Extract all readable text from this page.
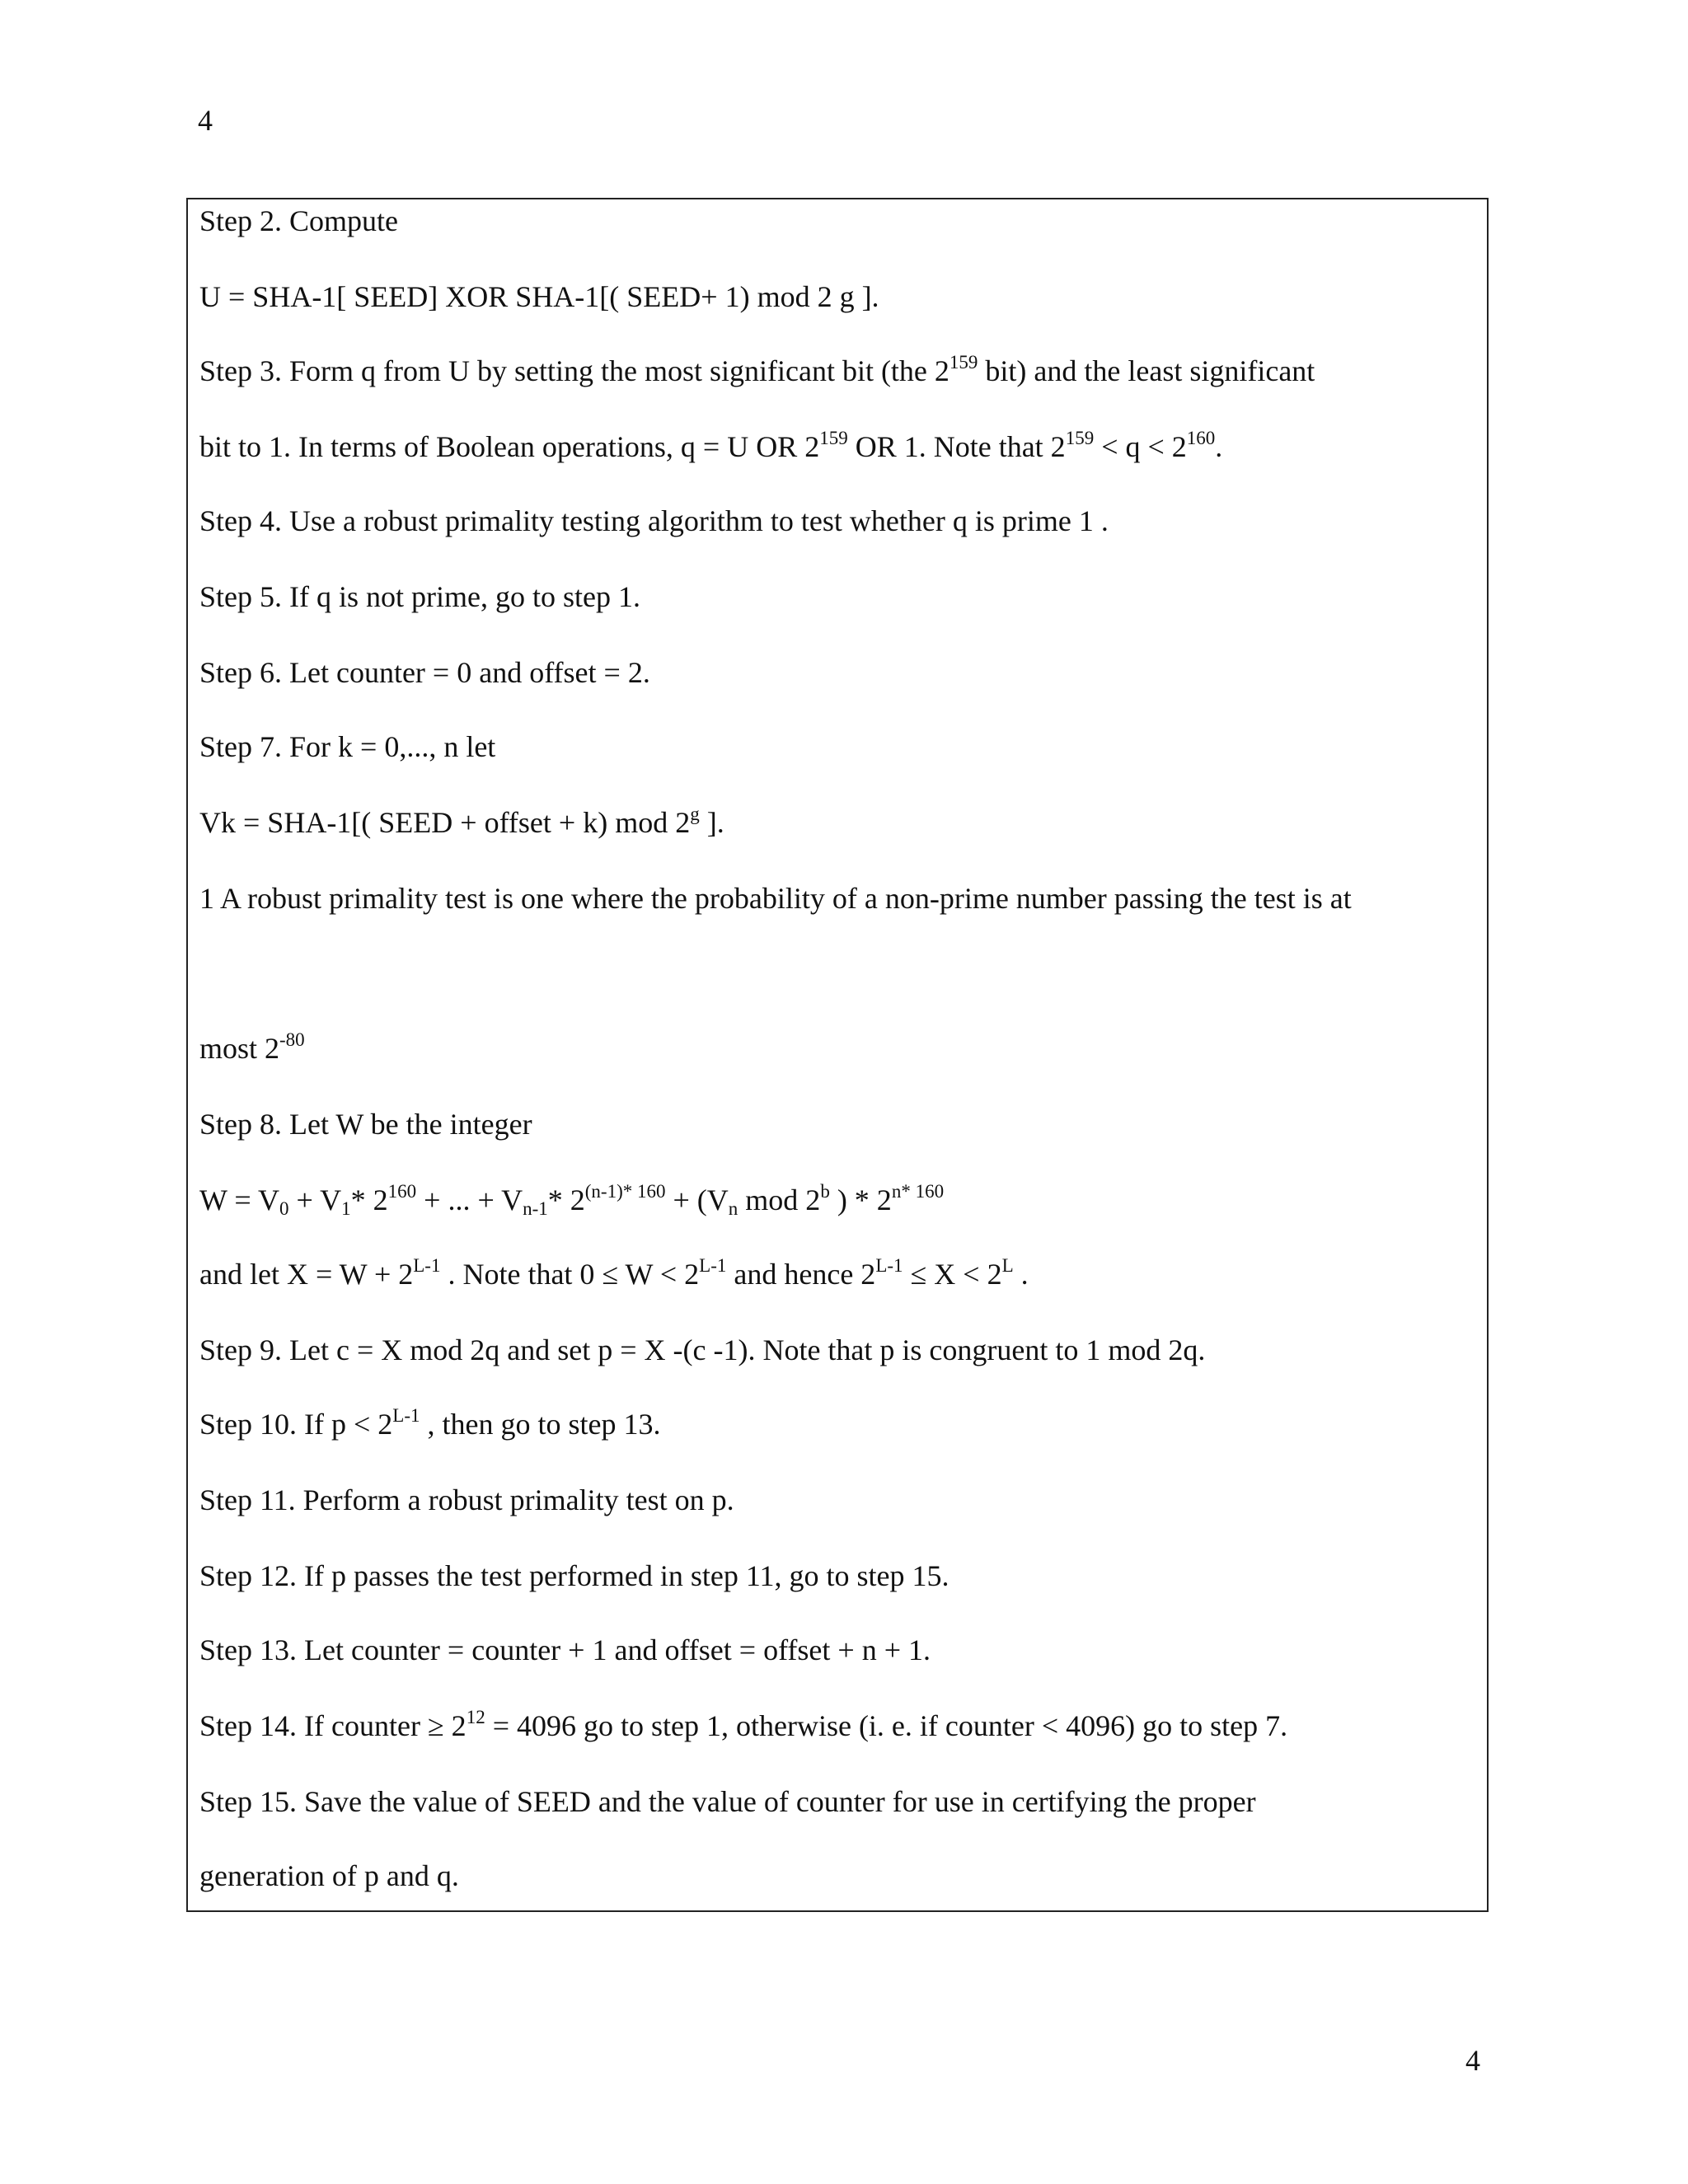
4
Step 2. Compute
U = SHA-1[ SEED] XOR SHA-1[( SEED+ 1) mod 2 g ].
Step 3. Form q from U by setting the most significant bit (the $2^{159}$ bit) and the least significant
bit to 1. In terms of Boolean operations, q = U OR $2^{159}$ OR 1. Note that $2^{159} < q < 2^{160}$.
Step 4. Use a robust primality testing algorithm to test whether q is prime 1 .
Step 5. If q is not prime, go to step 1.
Step 6. Let counter = 0 and offset = 2.
Step 7. For k = 0,..., n let
Vk = SHA-1[( SEED + offset + k) mod 2$^g$ ].
1 A robust primality test is one where the probability of a non-prime number passing the test is at
most $2^{-80}$
Step 8. Let W be the integer
$W = V_0 + V_1*$ $2^{160}$ + ... + $V_{n-1}*$ $2^{(n-1)* 160} + (V_n$ mod 2$^b$ ) * $2^{n* 160}$
and let $X = W + 2^{L-1}$ . Note that $0 \le W < 2^{L-1}$ and hence $2^{L-1} \le X < 2^L$ .
Step 9. Let c = X mod 2q and set p = X -(c -1). Note that p is congruent to 1 mod 2q.
Step 10. If $p < 2^{L-1}$ , then go to step 13.
Step 11. Perform a robust primality test on p.
Step 12. If p passes the test performed in step 11, go to step 15.
Step 13. Let counter = counter + 1 and offset = offset + n + 1.
Step 14. If counter ≥ $2^{12} = 4096$ go to step 1, otherwise (i. e. if counter < 4096) go to step 7.
Step 15. Save the value of SEED and the value of counter for use in certifying the proper
generation of p and q.
4
